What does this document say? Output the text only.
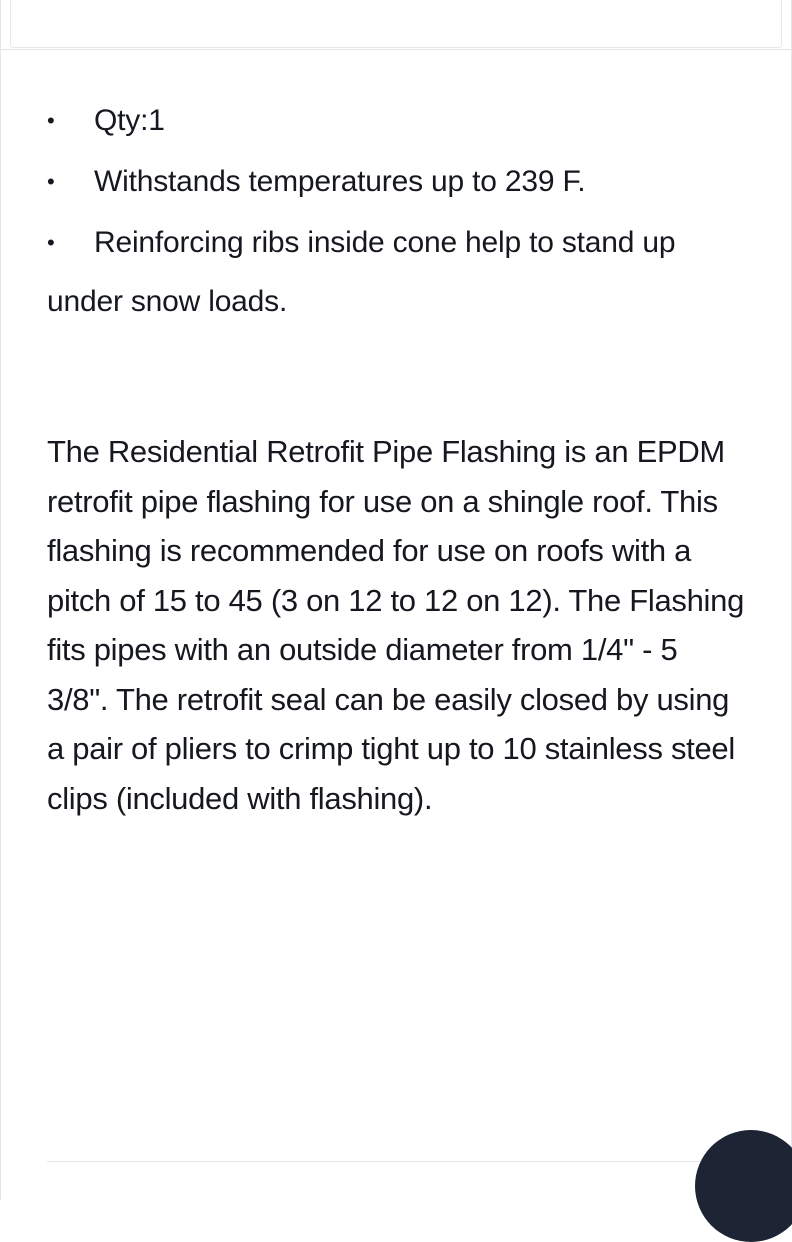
• Qty:1
• Withstands temperatures up to 239 F.
• Reinforcing ribs inside cone help to stand up under snow loads.

The Residential Retrofit Pipe Flashing is an EPDM retrofit pipe flashing for use on a shingle roof. This flashing is recommended for use on roofs with a pitch of 15 to 45 (3 on 12 to 12 on 12). The Flashing fits pipes with an outside diameter from 1/4" - 5 3/8". The retrofit seal can be easily closed by using a pair of pliers to crimp tight up to 10 stainless steel clips (included with flashing).
